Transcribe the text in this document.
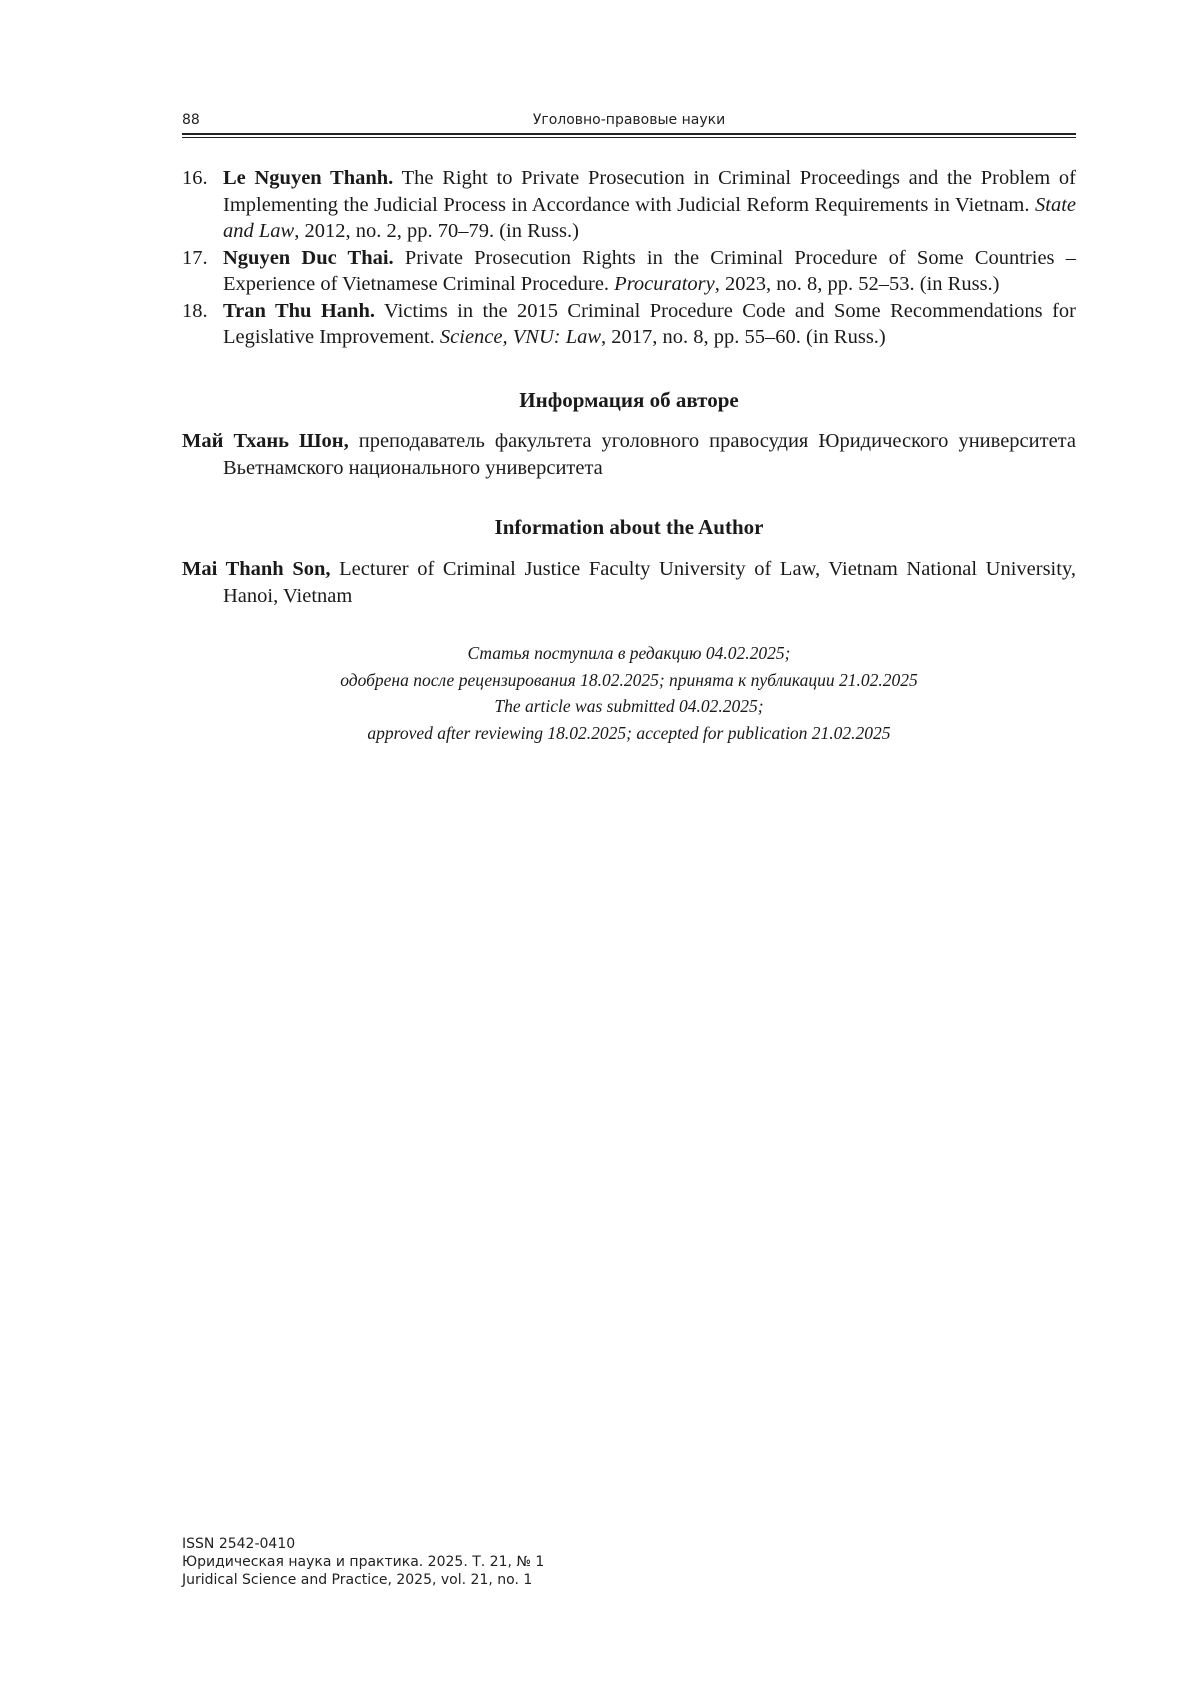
88	Уголовно-правовые науки
16. Le Nguyen Thanh. The Right to Private Prosecution in Criminal Proceedings and the Problem of Implementing the Judicial Process in Accordance with Judicial Reform Requirements in Vietnam. State and Law, 2012, no. 2, pp. 70–79. (in Russ.)
17. Nguyen Duc Thai. Private Prosecution Rights in the Criminal Procedure of Some Countries – Experience of Vietnamese Criminal Procedure. Procuratory, 2023, no. 8, pp. 52–53. (in Russ.)
18. Tran Thu Hanh. Victims in the 2015 Criminal Procedure Code and Some Recommendations for Legislative Improvement. Science, VNU: Law, 2017, no. 8, pp. 55–60. (in Russ.)
Информация об авторе
Май Тхань Шон, преподаватель факультета уголовного правосудия Юридического университета Вьетнамского национального университета
Information about the Author
Mai Thanh Son, Lecturer of Criminal Justice Faculty University of Law, Vietnam National University, Hanoi, Vietnam
Статья поступила в редакцию 04.02.2025;
одобрена после рецензирования 18.02.2025; принята к публикации 21.02.2025
The article was submitted 04.02.2025;
approved after reviewing 18.02.2025; accepted for publication 21.02.2025
ISSN 2542-0410
Юридическая наука и практика. 2025. Т. 21, № 1
Juridical Science and Practice, 2025, vol. 21, no. 1
